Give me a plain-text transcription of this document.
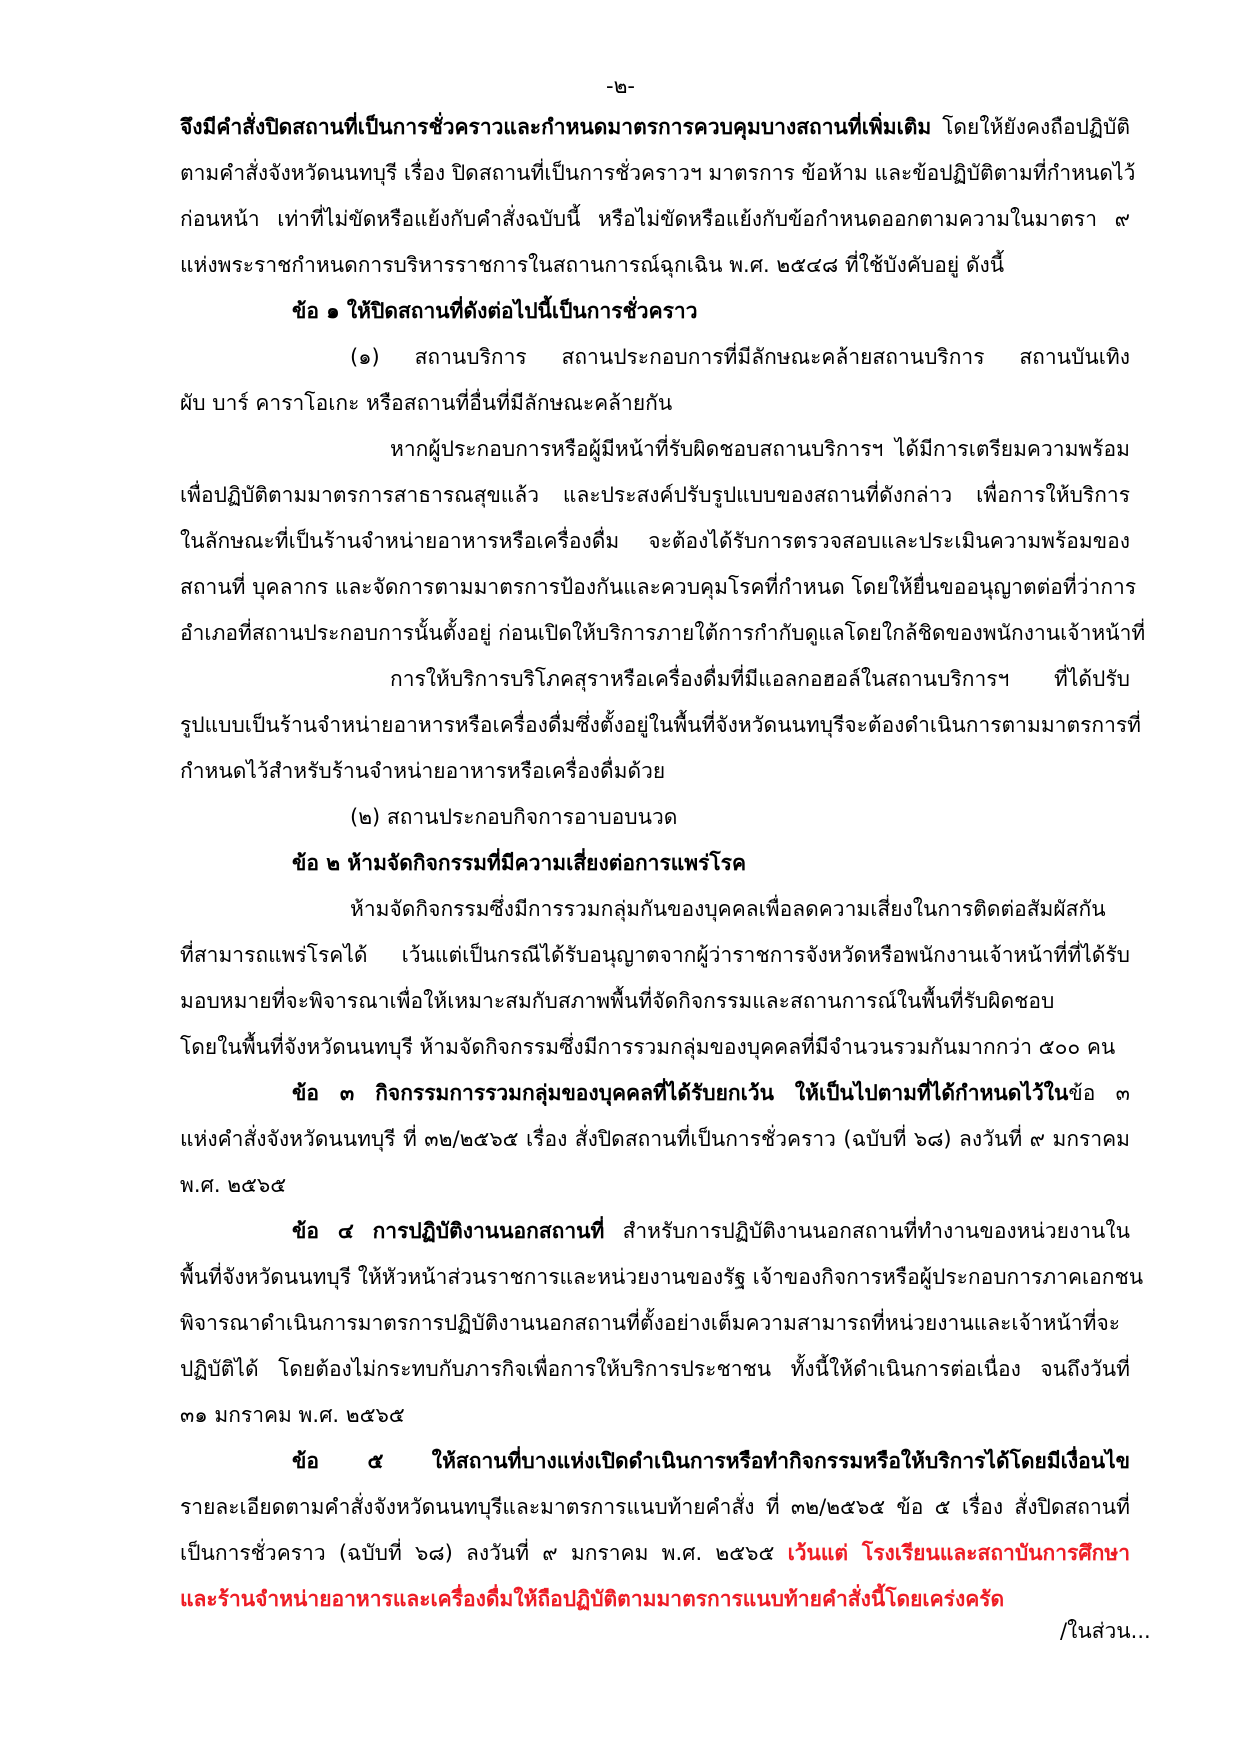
-๒-
จึงมีคำสั่งปิดสถานที่เป็นการชั่วคราวและกำหนดมาตรการควบคุมบางสถานที่เพิ่มเติม โดยให้ยังคงถือปฏิบัติ
ตามคำสั่งจังหวัดนนทบุรี เรื่อง ปิดสถานที่เป็นการชั่วคราวฯ มาตรการ ข้อห้าม และข้อปฏิบัติตามที่กำหนดไว้
ก่อนหน้า เท่าที่ไม่ขัดหรือแย้งกับคำสั่งฉบับนี้ หรือไม่ขัดหรือแย้งกับข้อกำหนดออกตามความในมาตรา ๙
แห่งพระราชกำหนดการบริหารราชการในสถานการณ์ฉุกเฉิน พ.ศ. ๒๕๔๘ ที่ใช้บังคับอยู่ ดังนี้
ข้อ ๑ ให้ปิดสถานที่ดังต่อไปนี้เป็นการชั่วคราว
(๑) สถานบริการ สถานประกอบการที่มีลักษณะคล้ายสถานบริการ สถานบันเทิง
ผับ บาร์ คาราโอเกะ หรือสถานที่อื่นที่มีลักษณะคล้ายกัน
หากผู้ประกอบการหรือผู้มีหน้าที่รับผิดชอบสถานบริการฯ ได้มีการเตรียมความพร้อม
เพื่อปฏิบัติตามมาตรการสาธารณสุขแล้ว และประสงค์ปรับรูปแบบของสถานที่ดังกล่าว เพื่อการให้บริการ
ในลักษณะที่เป็นร้านจำหน่ายอาหารหรือเครื่องดื่ม จะต้องได้รับการตรวจสอบและประเมินความพร้อมของ
สถานที่ บุคลากร และจัดการตามมาตรการป้องกันและควบคุมโรคที่กำหนด โดยให้ยื่นขออนุญาตต่อที่ว่าการ
อำเภอที่สถานประกอบการนั้นตั้งอยู่ ก่อนเปิดให้บริการภายใต้การกำกับดูแลโดยใกล้ชิดของพนักงานเจ้าหน้าที่
การให้บริการบริโภคสุราหรือเครื่องดื่มที่มีแอลกอฮอล์ในสถานบริการฯ ที่ได้ปรับ
รูปแบบเป็นร้านจำหน่ายอาหารหรือเครื่องดื่มซึ่งตั้งอยู่ในพื้นที่จังหวัดนนทบุรีจะต้องดำเนินการตามมาตรการที่
กำหนดไว้สำหรับร้านจำหน่ายอาหารหรือเครื่องดื่มด้วย
(๒) สถานประกอบกิจการอาบอบนวด
ข้อ ๒ ห้ามจัดกิจกรรมที่มีความเสี่ยงต่อการแพร่โรค
ห้ามจัดกิจกรรมซึ่งมีการรวมกลุ่มกันของบุคคลเพื่อลดความเสี่ยงในการติดต่อสัมผัสกัน
ที่สามารถแพร่โรคได้ เว้นแต่เป็นกรณีได้รับอนุญาตจากผู้ว่าราชการจังหวัดหรือพนักงานเจ้าหน้าที่ที่ได้รับ
มอบหมายที่จะพิจารณาเพื่อให้เหมาะสมกับสภาพพื้นที่จัดกิจกรรมและสถานการณ์ในพื้นที่รับผิดชอบ
โดยในพื้นที่จังหวัดนนทบุรี ห้ามจัดกิจกรรมซึ่งมีการรวมกลุ่มของบุคคลที่มีจำนวนรวมกันมากกว่า ๕๐๐ คน
ข้อ ๓ กิจกรรมการรวมกลุ่มของบุคคลที่ได้รับยกเว้น ให้เป็นไปตามที่ได้กำหนดไว้ในข้อ ๓
แห่งคำสั่งจังหวัดนนทบุรี ที่ ๓๒/๒๕๖๕ เรื่อง สั่งปิดสถานที่เป็นการชั่วคราว (ฉบับที่ ๖๘) ลงวันที่ ๙ มกราคม
พ.ศ. ๒๕๖๕
ข้อ ๔ การปฏิบัติงานนอกสถานที่ สำหรับการปฏิบัติงานนอกสถานที่ทำงานของหน่วยงานใน
พื้นที่จังหวัดนนทบุรี ให้หัวหน้าส่วนราชการและหน่วยงานของรัฐ เจ้าของกิจการหรือผู้ประกอบการภาคเอกชน
พิจารณาดำเนินการมาตรการปฏิบัติงานนอกสถานที่ตั้งอย่างเต็มความสามารถที่หน่วยงานและเจ้าหน้าที่จะ
ปฏิบัติได้ โดยต้องไม่กระทบกับภารกิจเพื่อการให้บริการประชาชน ทั้งนี้ให้ดำเนินการต่อเนื่อง จนถึงวันที่
๓๑ มกราคม พ.ศ. ๒๕๖๕
ข้อ ๕ ให้สถานที่บางแห่งเปิดดำเนินการหรือทำกิจกรรมหรือให้บริการได้โดยมีเงื่อนไข
รายละเอียดตามคำสั่งจังหวัดนนทบุรีและมาตรการแนบท้ายคำสั่ง ที่ ๓๒/๒๕๖๕ ข้อ ๕ เรื่อง สั่งปิดสถานที่
เป็นการชั่วคราว (ฉบับที่ ๖๘) ลงวันที่ ๙ มกราคม พ.ศ. ๒๕๖๕ เว้นแต่ โรงเรียนและสถาบันการศึกษา
และร้านจำหน่ายอาหารและเครื่องดื่มให้ถือปฏิบัติตามมาตรการแนบท้ายคำสั่งนี้โดยเคร่งครัด
/ในส่วน...
